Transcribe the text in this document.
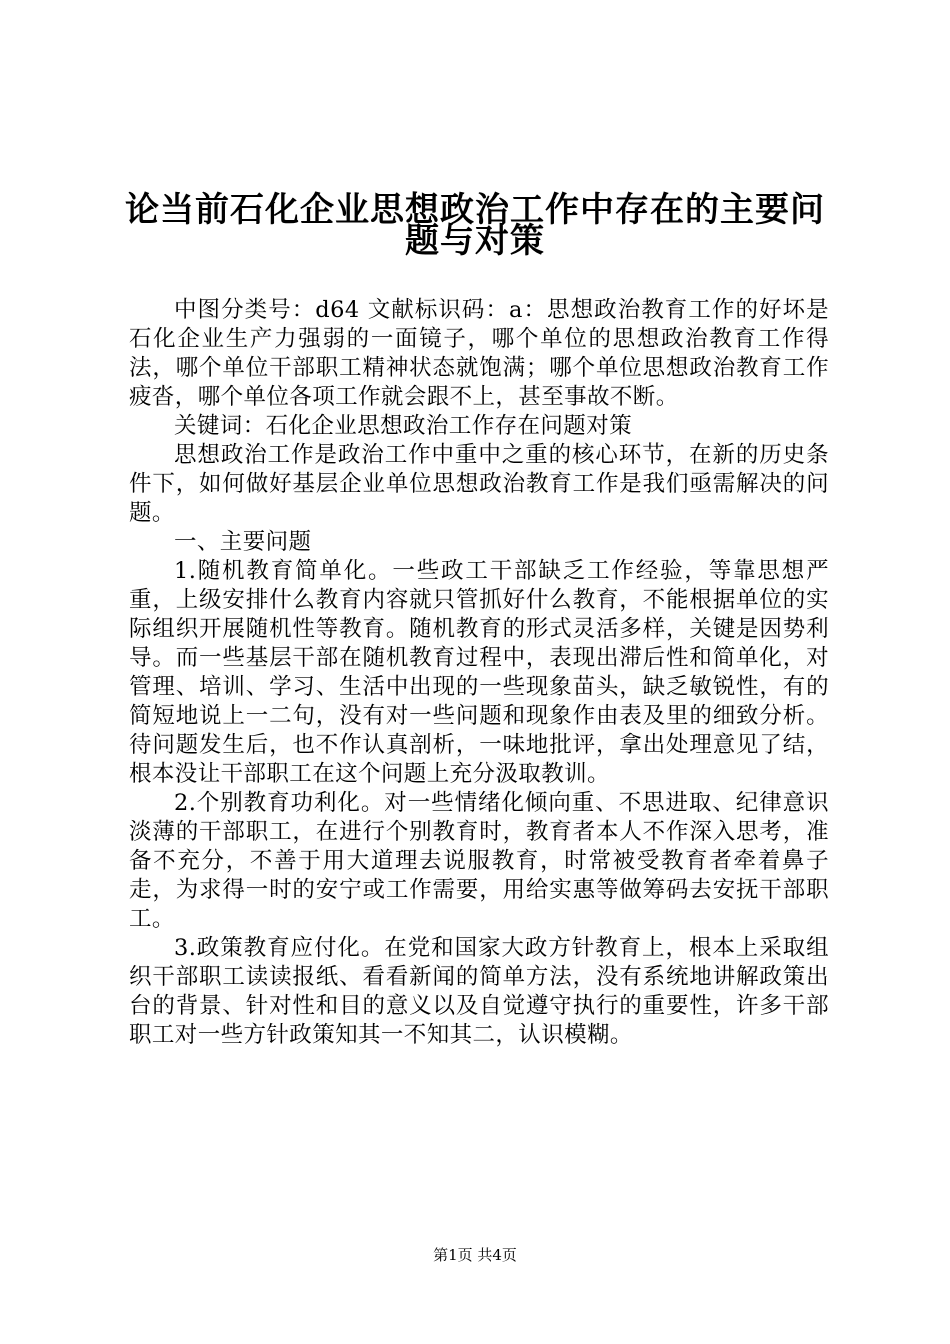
论当前石化企业思想政治工作中存在的主要问
题与对策

中图分类号：d64 文献标识码：a：思想政治教育工作的好坏是石化企业生产力强弱的一面镜子，哪个单位的思想政治教育工作得法，哪个单位干部职工精神状态就饱满；哪个单位思想政治教育工作疲沓，哪个单位各项工作就会跟不上，甚至事故不断。

关键词：石化企业思想政治工作存在问题对策

思想政治工作是政治工作中重中之重的核心环节，在新的历史条件下，如何做好基层企业单位思想政治教育工作是我们亟需解决的问题。

一、主要问题

1.随机教育简单化。一些政工干部缺乏工作经验，等靠思想严重，上级安排什么教育内容就只管抓好什么教育，不能根据单位的实际组织开展随机性等教育。随机教育的形式灵活多样，关键是因势利导。而一些基层干部在随机教育过程中，表现出滞后性和简单化，对管理、培训、学习、生活中出现的一些现象苗头，缺乏敏锐性，有的简短地说上一二句，没有对一些问题和现象作由表及里的细致分析。待问题发生后，也不作认真剖析，一味地批评，拿出处理意见了结，根本没让干部职工在这个问题上充分汲取教训。

2.个别教育功利化。对一些情绪化倾向重、不思进取、纪律意识淡薄的干部职工，在进行个别教育时，教育者本人不作深入思考，准备不充分，不善于用大道理去说服教育，时常被受教育者牵着鼻子走，为求得一时的安宁或工作需要，用给实惠等做筹码去安抚干部职工。

3.政策教育应付化。在党和国家大政方针教育上，根本上采取组织干部职工读读报纸、看看新闻的简单方法，没有系统地讲解政策出台的背景、针对性和目的意义以及自觉遵守执行的重要性，许多干部职工对一些方针政策知其一不知其二，认识模糊。

第1页 共4页
